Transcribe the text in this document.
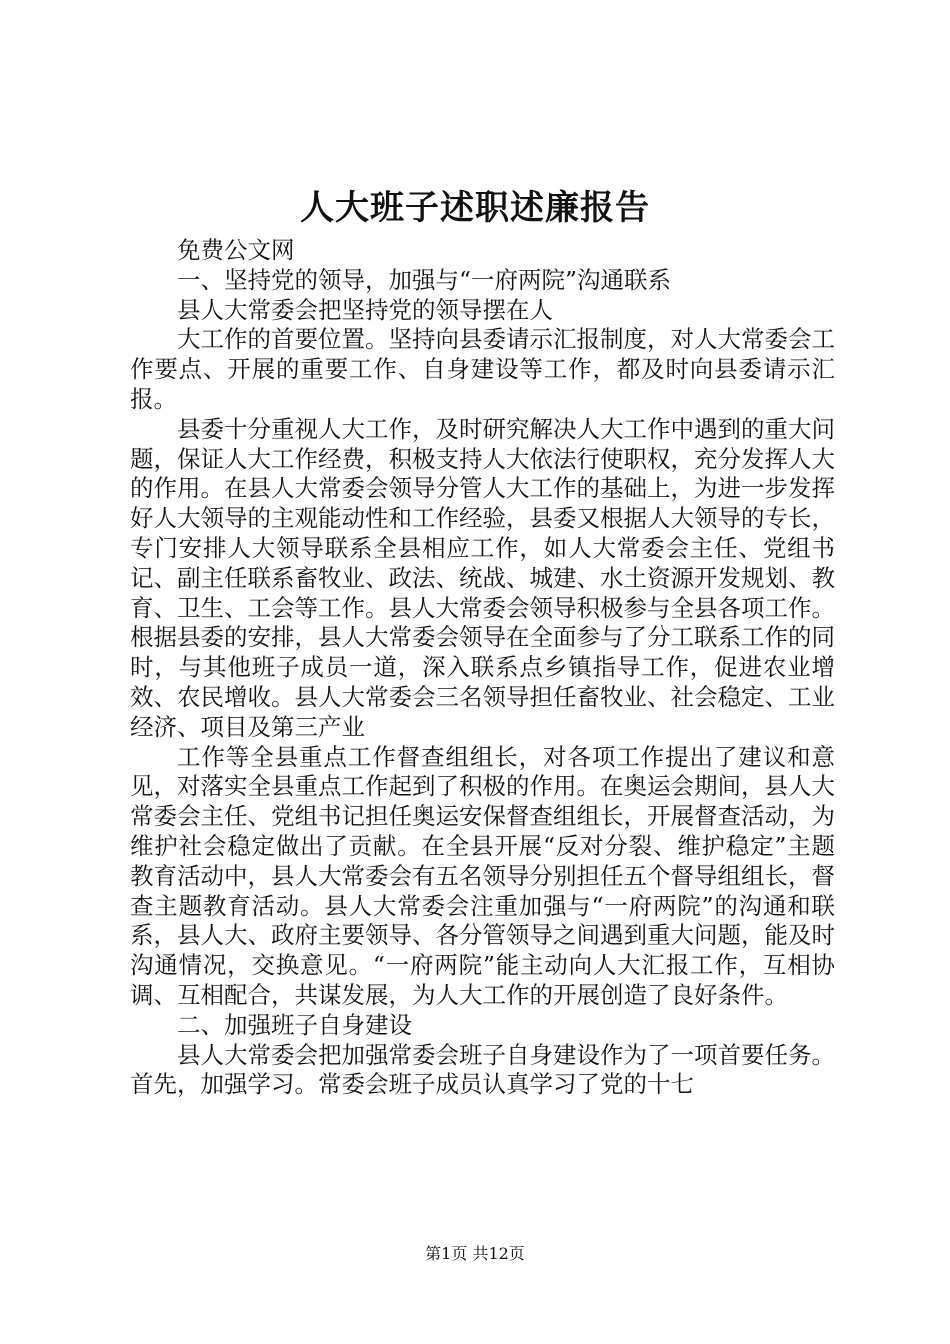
人大班子述职述廉报告

免费公文网

一、坚持党的领导，加强与“一府两院”沟通联系

县人大常委会把坚持党的领导摆在人

大工作的首要位置。坚持向县委请示汇报制度，对人大常委会工作要点、开展的重要工作、自身建设等工作，都及时向县委请示汇报。

县委十分重视人大工作，及时研究解决人大工作中遇到的重大问题，保证人大工作经费，积极支持人大依法行使职权，充分发挥人大的作用。在县人大常委会领导分管人大工作的基础上，为进一步发挥好人大领导的主观能动性和工作经验，县委又根据人大领导的专长，专门安排人大领导联系全县相应工作，如人大常委会主任、党组书记、副主任联系畜牧业、政法、统战、城建、水土资源开发规划、教育、卫生、工会等工作。县人大常委会领导积极参与全县各项工作。根据县委的安排，县人大常委会领导在全面参与了分工联系工作的同时，与其他班子成员一道，深入联系点乡镇指导工作，促进农业增效、农民增收。县人大常委会三名领导担任畜牧业、社会稳定、工业经济、项目及第三产业

工作等全县重点工作督查组组长，对各项工作提出了建议和意见，对落实全县重点工作起到了积极的作用。在奥运会期间，县人大常委会主任、党组书记担任奥运安保督查组组长，开展督查活动，为维护社会稳定做出了贡献。在全县开展“反对分裂、维护稳定”主题教育活动中，县人大常委会有五名领导分别担任五个督导组组长，督查主题教育活动。县人大常委会注重加强与“一府两院”的沟通和联系，县人大、政府主要领导、各分管领导之间遇到重大问题，能及时沟通情况，交换意见。“一府两院”能主动向人大汇报工作，互相协调、互相配合，共谋发展，为人大工作的开展创造了良好条件。

二、加强班子自身建设

县人大常委会把加强常委会班子自身建设作为了一项首要任务。首先，加强学习。常委会班子成员认真学习了党的十七

第1页 共12页
